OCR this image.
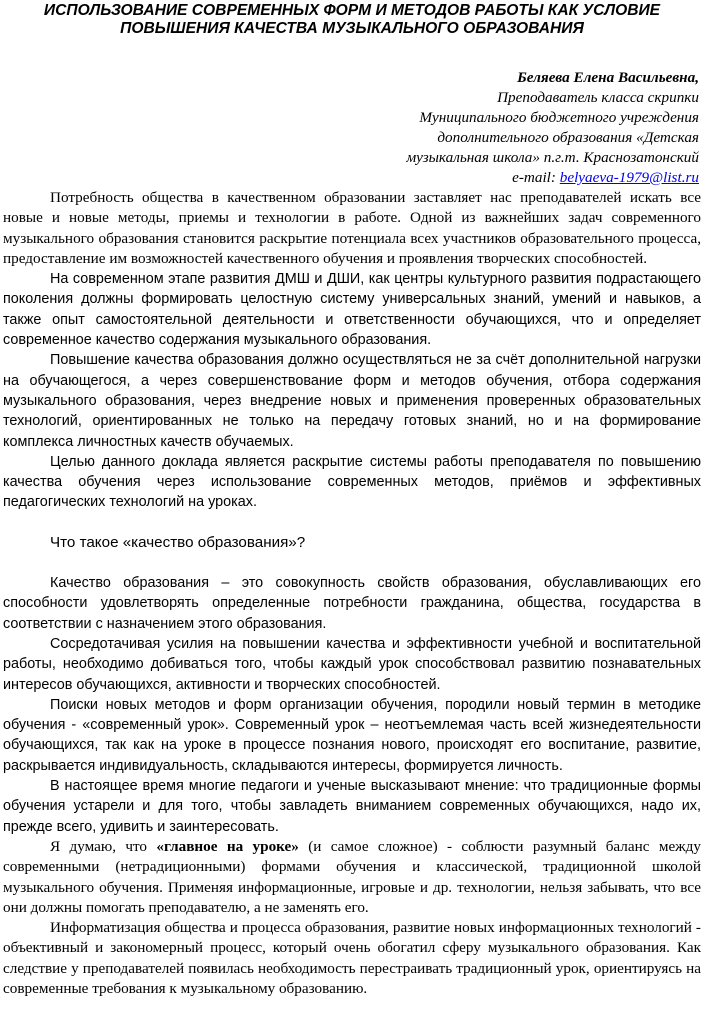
ИСПОЛЬЗОВАНИЕ СОВРЕМЕННЫХ ФОРМ И МЕТОДОВ РАБОТЫ КАК УСЛОВИЕ ПОВЫШЕНИЯ КАЧЕСТВА МУЗЫКАЛЬНОГО ОБРАЗОВАНИЯ
Беляева Елена Васильевна,
Преподаватель класса скрипки
Муниципального бюджетного учреждения
дополнительного образования «Детская
музыкальная школа» п.г.т. Краснозатонский
e-mail: belyaeva-1979@list.ru

Потребность общества в качественном образовании заставляет нас преподавателей искать все новые и новые методы, приемы и технологии в работе. Одной из важнейших задач современного музыкального образования становится раскрытие потенциала всех участников образовательного процесса, предоставление им возможностей качественного обучения и проявления творческих способностей.

На современном этапе развития ДМШ и ДШИ, как центры культурного развития подрастающего поколения должны формировать целостную систему универсальных знаний, умений и навыков, а также опыт самостоятельной деятельности и ответственности обучающихся, что и определяет современное качество содержания музыкального образования.

Повышение качества образования должно осуществляться не за счёт дополнительной нагрузки на обучающегося, а через совершенствование форм и методов обучения, отбора содержания музыкального образования, через внедрение новых и применения проверенных образовательных технологий, ориентированных не только на передачу готовых знаний, но и на формирование комплекса личностных качеств обучаемых.

Целью данного доклада является раскрытие системы работы преподавателя по повышению качества обучения через использование современных методов, приёмов и эффективных педагогических технологий на уроках.

Что такое «качество образования»?

Качество образования – это совокупность свойств образования, обуславливающих его способности удовлетворять определенные потребности гражданина, общества, государства в соответствии с назначением этого образования.

Сосредотачивая усилия на повышении качества и эффективности учебной и воспитательной работы, необходимо добиваться того, чтобы каждый урок способствовал развитию познавательных интересов обучающихся, активности и творческих способностей.

Поиски новых методов и форм организации обучения, породили новый термин в методике обучения - «современный урок». Современный урок – неотъемлемая часть всей жизнедеятельности обучающихся, так как на уроке в процессе познания нового, происходят его воспитание, развитие, раскрывается индивидуальность, складываются интересы, формируется личность.

В настоящее время многие педагоги и ученые высказывают мнение: что традиционные формы обучения устарели и для того, чтобы завладеть вниманием современных обучающихся, надо их, прежде всего, удивить и заинтересовать.

Я думаю, что «главное на уроке» (и самое сложное) - соблюсти разумный баланс между современными (нетрадиционными) формами обучения и классической, традиционной школой музыкального обучения. Применяя информационные, игровые и др. технологии, нельзя забывать, что все они должны помогать преподавателю, а не заменять его.

Информатизация общества и процесса образования, развитие новых информационных технологий - объективный и закономерный процесс, который очень обогатил сферу музыкального образования. Как следствие у преподавателей появилась необходимость перестраивать традиционный урок, ориентируясь на современные требования к музыкальному образованию.
